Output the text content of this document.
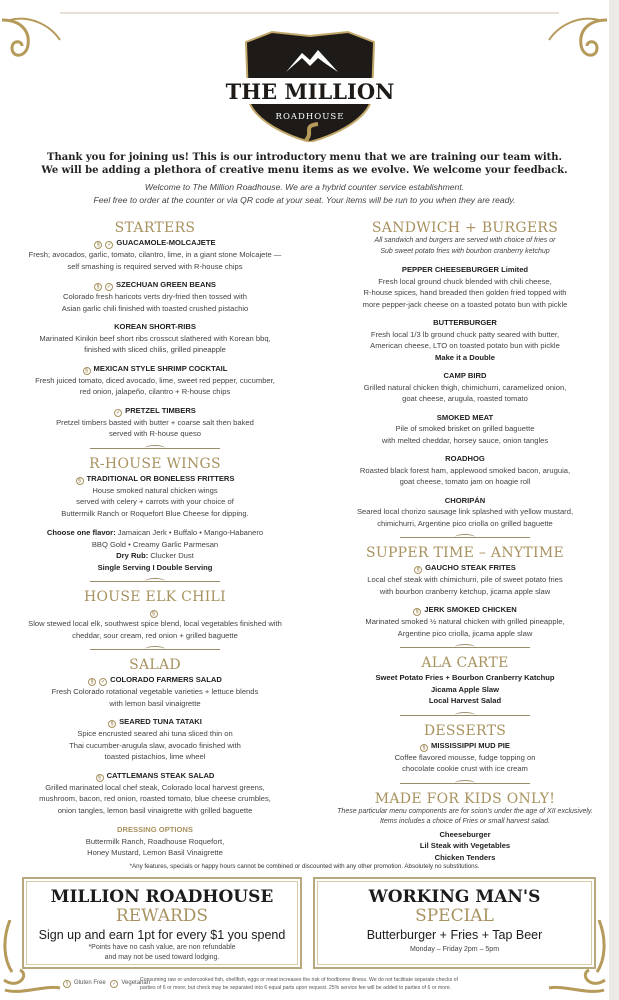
THE MILLION
ROADHOUSE
Thank you for joining us! This is our introductory menu that we are training our team with.
We will be adding a plethora of creative menu items as we evolve. We welcome your feedback.
Welcome to The Million Roadhouse. We are a hybrid counter service establishment.
Feel free to order at the counter or via QR code at your seat. Your items will be run to you when they are ready.
STARTERS
§ ✓ GUACAMOLE-MOLCAJETE
Fresh; avocados, garlic, tomato, cilantro, lime, in a giant stone Molcajete —
self smashing is required served with R-house chips
§ ✓ SZECHUAN GREEN BEANS
Colorado fresh haricots verts dry-fried then tossed with
Asian garlic chili finished with toasted crushed pistachio
KOREAN SHORT-RIBS
Marinated Kinikin beef short ribs crosscut slathered with Korean bbq,
finished with sliced chilis, grilled pineapple
§ MEXICAN STYLE SHRIMP COCKTAIL
Fresh juiced tomato, diced avocado, lime, sweet red pepper, cucumber,
red onion, jalapeño, cilantro + R-house chips
✓ PRETZEL TIMBERS
Pretzel timbers basted with butter + coarse salt then baked
served with R-house queso
R-HOUSE WINGS
§ TRADITIONAL OR BONELESS FRITTERS
House smoked natural chicken wings
served with celery + carrots with your choice of
Buttermilk Ranch or Roquefort Blue Cheese for dipping.
Choose one flavor: Jamaican Jerk • Buffalo • Mango-Habanero
BBQ Gold • Creamy Garlic Parmesan
Dry Rub: Clucker Dust
Single Serving I Double Serving
HOUSE ELK CHILI
§
Slow stewed local elk, southwest spice blend, local vegetables finished with
cheddar, sour cream, red onion + grilled baguette
SALAD
§ ✓ COLORADO FARMERS SALAD
Fresh Colorado rotational vegetable varieties + lettuce blends
with lemon basil vinaigrette
§ SEARED TUNA TATAKI
Spice encrusted seared ahi tuna sliced thin on
Thai cucumber-arugula slaw, avocado finished with
toasted pistachios, lime wheel
§ CATTLEMANS STEAK SALAD
Grilled marinated local chef steak, Colorado local harvest greens,
mushroom, bacon, red onion, roasted tomato, blue cheese crumbles,
onion tangles, lemon basil vinaigrette with grilled baguette
DRESSING OPTIONS
Buttermilk Ranch, Roadhouse Roquefort,
Honey Mustard, Lemon Basil Vinaigrette
SANDWICH + BURGERS
All sandwich and burgers are served with choice of fries or
Sub sweet potato fries with bourbon cranberry ketchup
PEPPER CHEESEBURGER Limited
Fresh local ground chuck blended with chili cheese,
R-house spices, hand breaded then golden fried topped with
more pepper-jack cheese on a toasted potato bun with pickle
BUTTERBURGER
Fresh local 1/3 lb ground chuck patty seared with butter,
American cheese, LTO on toasted potato bun with pickle
Make it a Double
CAMP BIRD
Grilled natural chicken thigh, chimichurri, caramelized onion,
goat cheese, arugula, roasted tomato
SMOKED MEAT
Pile of smoked brisket on grilled baguette
with melted cheddar, horsey sauce, onion tangles
ROADHOG
Roasted black forest ham, applewood smoked bacon, aruguia,
goat cheese, tomato jam on hoagie roll
CHORIPÁN
Seared local chorizo sausage link splashed with yellow mustard,
chimichurri, Argentine pico criolla on grilled baguette
SUPPER TIME – ANYTIME
§ GAUCHO STEAK FRITES
Local chef steak with chimichurri, pile of sweet potato fries
with bourbon cranberry ketchup, jicama apple slaw
§ JERK SMOKED CHICKEN
Marinated smoked ½ natural chicken with grilled pineapple,
Argentine pico criolla, jicama apple slaw
ALA CARTE
Sweet Potato Fries + Bourbon Cranberry Katchup
Jicama Apple Slaw
Local Harvest Salad
DESSERTS
§ MISSISSIPPI MUD PIE
Coffee flavored mousse, fudge topping on
chocolate cookie crust with ice cream
MADE FOR KIDS ONLY!
These particular menu components are for scion's under the age of XII exclusively.
Items includes a choice of Fries or small harvest salad.
Cheeseburger
Lil Steak with Vegetables
Chicken Tenders
*Any features, specials or happy hours cannot be combined or discounted with any other promotion. Absolutely no substitutions.
MILLION ROADHOUSE
REWARDS
Sign up and earn 1pt for every $1 you spend
*Points have no cash value, are non refundable
and may not be used toward lodging.
WORKING MAN'S
SPECIAL
Butterburger + Fries + Tap Beer
Monday – Friday 2pm – 5pm
§ Gluten Free ✓ Vegetarian
Consuming raw or undercooked fish, shellfish, eggs or meat increases the risk of foodborne illness. We do not facilitate separate checks of parties of 6 or more; but check may be separated into 6 equal parts upon request. 25% service fee will be added to parties of 6 or more.
